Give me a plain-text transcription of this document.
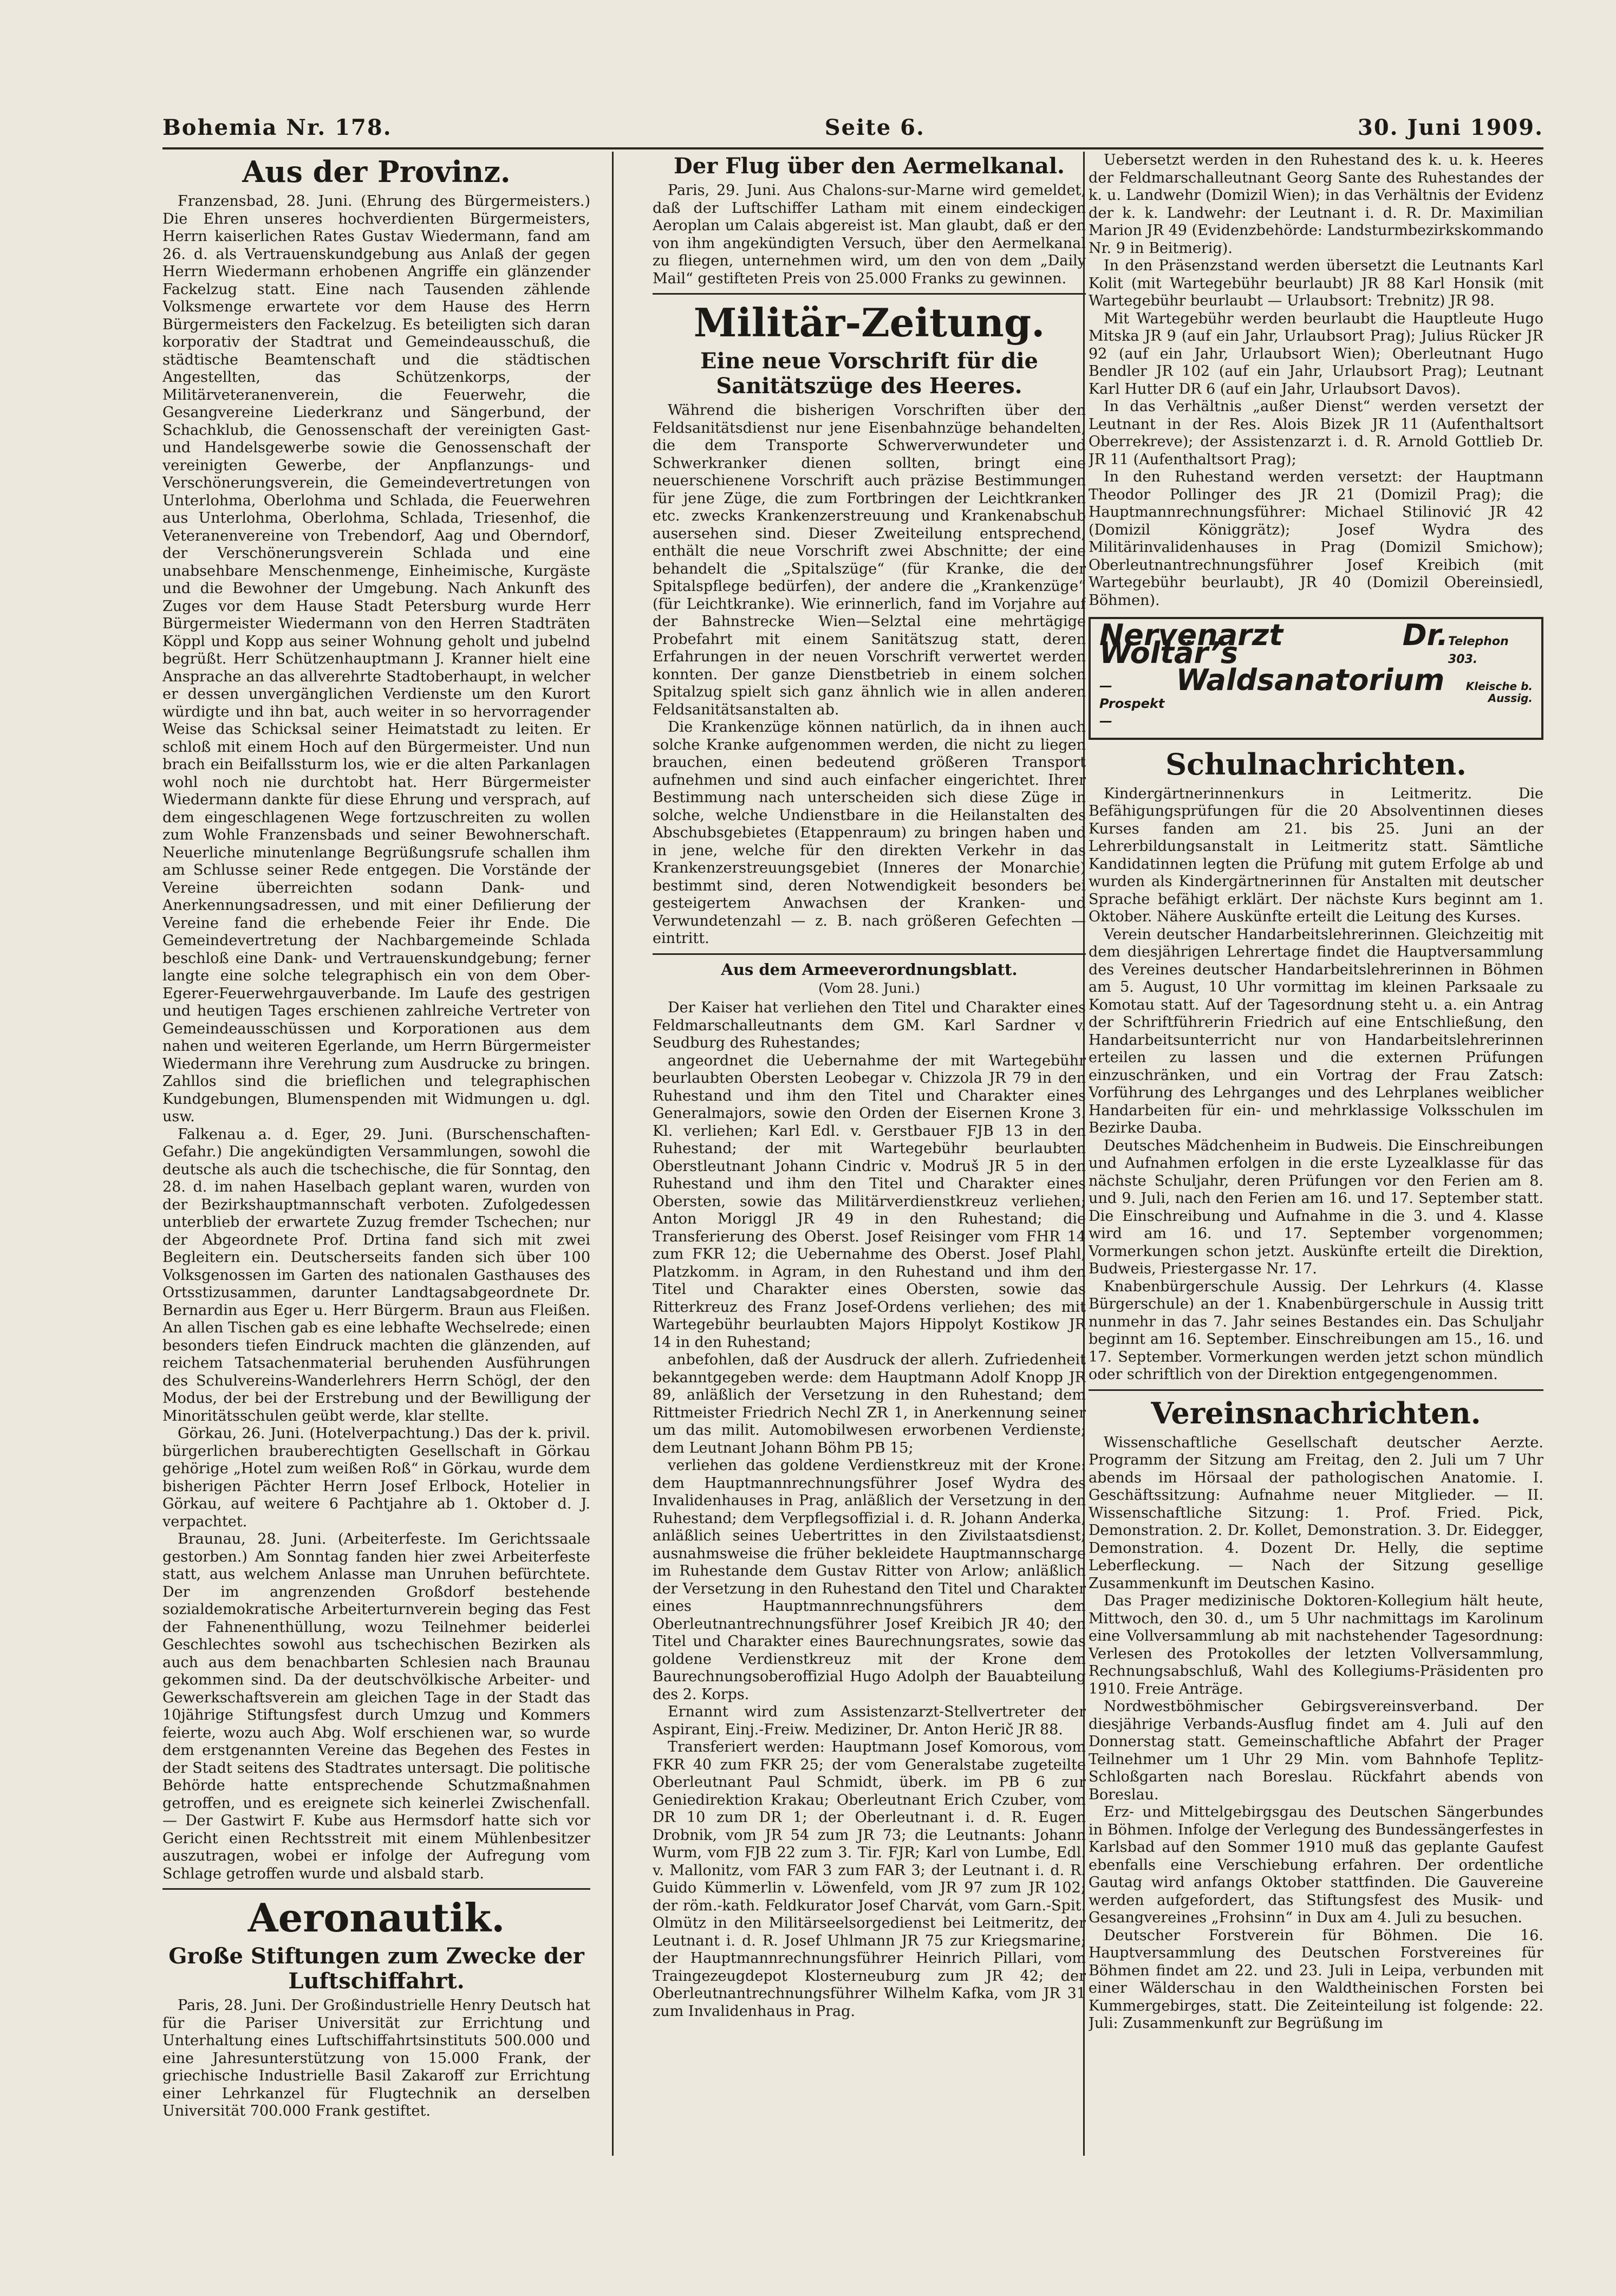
Bohemia Nr. 178.	Seite 6.	30. Juni 1909.
Aus der Provinz.

Franzensbad, 28. Juni. (Ehrung des Bürgermeisters.) Die Ehren unseres hochverdienten Bürgermeisters, Herrn kaiserlichen Rates Gustav Wiedermann, fand am 26. d. als Vertrauenskundgebung aus Anlaß der gegen Herrn Wiedermann erhobenen Angriffe ein glänzender Fackelzug statt. Eine nach Tausenden zählende Volksmenge erwartete vor dem Hause des Herrn Bürgermeisters den Fackelzug. Es beteiligten sich daran korporativ der Stadtrat und Gemeindeausschuß, die städtische Beamtenschaft und die städtischen Angestellten, das Schützenkorps, der Militärveteranenverein, die Feuerwehr, die Gesangvereine Liederkranz und Sängerbund, der Schachklub, die Genossenschaft der vereinigten Gast- und Handelsgewerbe sowie die Genossenschaft der vereinigten Gewerbe, der Anpflanzungs- und Verschönerungsverein, die Gemeindevertretungen von Unterlohma, Oberlohma und Schlada, die Feuerwehren aus Unterlohma, Oberlohma, Schlada, Triesenhof, die Veteranenvereine von Trebendorf, Aag und Oberndorf, der Verschönerungsverein Schlada und eine unabsehbare Menschenmenge, Einheimische, Kurgäste und die Bewohner der Umgebung. Nach Ankunft des Zuges vor dem Hause Stadt Petersburg wurde Herr Bürgermeister Wiedermann von den Herren Stadträten Köppl und Kopp aus seiner Wohnung geholt und jubelnd begrüßt. Herr Schützenhauptmann J. Kranner hielt eine Ansprache an das allverehrte Stadtoberhaupt, in welcher er dessen unvergänglichen Verdienste um den Kurort würdigte und ihn bat, auch weiter in so hervorragender Weise das Schicksal seiner Heimatstadt zu leiten. Er schloß mit einem Hoch auf den Bürgermeister. Und nun brach ein Beifallssturm los, wie er die alten Parkanlagen wohl noch nie durchtobt hat. Herr Bürgermeister Wiedermann dankte für diese Ehrung und versprach, auf dem eingeschlagenen Wege fortzuschreiten zu wollen zum Wohle Franzensbads und seiner Bewohnerschaft. Neuerliche minutenlange Begrüßungsrufe schallen ihm am Schlusse seiner Rede entgegen. Die Vorstände der Vereine überreichten sodann Dank- und Anerkennungsadressen, und mit einer Defilierung der Vereine fand die erhebende Feier ihr Ende. Die Gemeindevertretung der Nachbargemeinde Schlada beschloß eine Dank- und Vertrauenskundgebung; ferner langte eine solche telegraphisch ein von dem Ober-Egerer-Feuerwehrgauverbande. Im Laufe des gestrigen und heutigen Tages erschienen zahlreiche Vertreter von Gemeindeausschüssen und Korporationen aus dem nahen und weiteren Egerlande, um Herrn Bürgermeister Wiedermann ihre Verehrung zum Ausdrucke zu bringen. Zahllos sind die brieflichen und telegraphischen Kundgebungen, Blumenspenden mit Widmungen u. dgl. usw.

Falkenau a. d. Eger, 29. Juni. (Burschenschaften-Gefahr.) Die angekündigten Versammlungen, sowohl die deutsche als auch die tschechische, die für Sonntag, den 28. d. im nahen Haselbach geplant waren, wurden von der Bezirkshauptmannschaft verboten. Zufolgedessen unterblieb der erwartete Zuzug fremder Tschechen; nur der Abgeordnete Prof. Drtina fand sich mit zwei Begleitern ein. Deutscherseits fanden sich über 100 Volksgenossen im Garten des nationalen Gasthauses des Ortsstizusammen, darunter Landtagsabgeordnete Dr. Bernardin aus Eger u. Herr Bürgerm. Braun aus Fleißen. An allen Tischen gab es eine lebhafte Wechselrede; einen besonders tiefen Eindruck machten die glänzenden, auf reichem Tatsachenmaterial beruhenden Ausführungen des Schulvereins-Wanderlehrers Herrn Schögl, der den Modus, der bei der Erstrebung und der Bewilligung der Minoritätsschulen geübt werde, klar stellte.

Görkau, 26. Juni. (Hotelverpachtung.) Das der k. privil. bürgerlichen brauberechtigten Gesellschaft in Görkau gehörige „Hotel zum weißen Roß“ in Görkau, wurde dem bisherigen Pächter Herrn Josef Erlbock, Hotelier in Görkau, auf weitere 6 Pachtjahre ab 1. Oktober d. J. verpachtet.

Braunau, 28. Juni. (Arbeiterfeste. Im Gerichtssaale gestorben.) Am Sonntag fanden hier zwei Arbeiterfeste statt, aus welchem Anlasse man Unruhen befürchtete. Der im angrenzenden Großdorf bestehende sozialdemokratische Arbeiterturnverein beging das Fest der Fahnenenthüllung, wozu Teilnehmer beiderlei Geschlechtes sowohl aus tschechischen Bezirken als auch aus dem benachbarten Schlesien nach Braunau gekommen sind. Da der deutschvölkische Arbeiter- und Gewerkschaftsverein am gleichen Tage in der Stadt das 10jährige Stiftungsfest durch Umzug und Kommers feierte, wozu auch Abg. Wolf erschienen war, so wurde dem erstgenannten Vereine das Begehen des Festes in der Stadt seitens des Stadtrates untersagt. Die politische Behörde hatte entsprechende Schutzmaßnahmen getroffen, und es ereignete sich keinerlei Zwischenfall. — Der Gastwirt F. Kube aus Hermsdorf hatte sich vor Gericht einen Rechtsstreit mit einem Mühlenbesitzer auszutragen, wobei er infolge der Aufregung vom Schlage getroffen wurde und alsbald starb.

Aeronautik.
Große Stiftungen zum Zwecke der Luftschiffahrt.

Paris, 28. Juni. Der Großindustrielle Henry Deutsch hat für die Pariser Universität zur Errichtung und Unterhaltung eines Luftschiffahrtsinstituts 500.000 und eine Jahresunterstützung von 15.000 Frank, der griechische Industrielle Basil Zakaroff zur Errichtung einer Lehrkanzel für Flugtechnik an derselben Universität 700.000 Frank gestiftet.

Der Flug über den Aermelkanal.

Paris, 29. Juni. Aus Chalons-sur-Marne wird gemeldet, daß der Luftschiffer Latham mit einem eindeckigen Aeroplan um Calais abgereist ist. Man glaubt, daß er den von ihm angekündigten Versuch, über den Aermelkanal zu fliegen, unternehmen wird, um den von dem „Daily Mail“ gestifteten Preis von 25.000 Franks zu gewinnen.

Militär-Zeitung.
Eine neue Vorschrift für die Sanitätszüge des Heeres.

Während die bisherigen Vorschriften über den Feldsanitätsdienst nur jene Eisenbahnzüge behandelten, die dem Transporte Schwerverwundeter und Schwerkranker dienen sollten, bringt eine neuerschienene Vorschrift auch präzise Bestimmungen für jene Züge, die zum Fortbringen der Leichtkranken etc. zwecks Krankenzerstreuung und Krankenabschub ausersehen sind. Dieser Zweiteilung entsprechend, enthält die neue Vorschrift zwei Abschnitte; der eine behandelt die „Spitalszüge“ (für Kranke, die der Spitalspflege bedürfen), der andere die „Krankenzüge“ (für Leichtkranke). Wie erinnerlich, fand im Vorjahre auf der Bahnstrecke Wien—Selztal eine mehrtägige Probefahrt mit einem Sanitätszug statt, deren Erfahrungen in der neuen Vorschrift verwertet werden konnten. Der ganze Dienstbetrieb in einem solchen Spitalzug spielt sich ganz ähnlich wie in allen anderen Feldsanitätsanstalten ab.

Die Krankenzüge können natürlich, da in ihnen auch solche Kranke aufgenommen werden, die nicht zu liegen brauchen, einen bedeutend größeren Transport aufnehmen und sind auch einfacher eingerichtet. Ihrer Bestimmung nach unterscheiden sich diese Züge in solche, welche Undienstbare in die Heilanstalten des Abschubsgebietes (Etappenraum) zu bringen haben und in jene, welche für den direkten Verkehr in das Krankenzerstreuungsgebiet (Inneres der Monarchie) bestimmt sind, deren Notwendigkeit besonders bei gesteigertem Anwachsen der Kranken- und Verwundetenzahl — z. B. nach größeren Gefechten — eintritt.

Aus dem Armeeverordnungsblatt.
(Vom 28. Juni.)

Der Kaiser hat verliehen den Titel und Charakter eines Feldmarschalleutnants dem GM. Karl Sardner v. Seudburg des Ruhestandes;

angeordnet die Uebernahme der mit Wartegebühr beurlaubten Obersten Leobegar v. Chizzola JR 79 in den Ruhestand und ihm den Titel und Charakter eines Generalmajors, sowie den Orden der Eisernen Krone 3. Kl. verliehen; Karl Edl. v. Gerstbauer FJB 13 in den Ruhestand; der mit Wartegebühr beurlaubten Oberstleutnant Johann Cindric v. Modruš JR 5 in den Ruhestand und ihm den Titel und Charakter eines Obersten, sowie das Militärverdienstkreuz verliehen; Anton Moriggl JR 49 in den Ruhestand; die Transferierung des Oberst. Josef Reisinger vom FHR 14 zum FKR 12; die Uebernahme des Oberst. Josef Plahl, Platzkomm. in Agram, in den Ruhestand und ihm den Titel und Charakter eines Obersten, sowie das Ritterkreuz des Franz Josef-Ordens verliehen; des mit Wartegebühr beurlaubten Majors Hippolyt Kostikow JR 14 in den Ruhestand;

anbefohlen, daß der Ausdruck der allerh. Zufriedenheit bekanntgegeben werde: dem Hauptmann Adolf Knopp JR 89, anläßlich der Versetzung in den Ruhestand; dem Rittmeister Friedrich Nechl ZR 1, in Anerkennung seiner um das milit. Automobilwesen erworbenen Verdienste; dem Leutnant Johann Böhm PB 15;

verliehen das goldene Verdienstkreuz mit der Krone: dem Hauptmannrechnungsführer Josef Wydra des Invalidenhauses in Prag, anläßlich der Versetzung in den Ruhestand; dem Verpflegsoffizial i. d. R. Johann Anderka, anläßlich seines Uebertrittes in den Zivilstaatsdienst; ausnahmsweise die früher bekleidete Hauptmannscharge im Ruhestande dem Gustav Ritter von Arlow; anläßlich der Versetzung in den Ruhestand den Titel und Charakter eines Hauptmannrechnungsführers dem Oberleutnantrechnungsführer Josef Kreibich JR 40; den Titel und Charakter eines Baurechnungsrates, sowie das goldene Verdienstkreuz mit der Krone dem Baurechnungsoberoffizial Hugo Adolph der Bauabteilung des 2. Korps.

Ernannt wird zum Assistenzarzt-Stellvertreter der Aspirant, Einj.-Freiw. Mediziner, Dr. Anton Herič JR 88.

Transferiert werden: Hauptmann Josef Komorous, vom FKR 40 zum FKR 25; der vom Generalstabe zugeteilte Oberleutnant Paul Schmidt, überk. im PB 6 zur Geniedirektion Krakau; Oberleutnant Erich Czuber, vom DR 10 zum DR 1; der Oberleutnant i. d. R. Eugen Drobnik, vom JR 54 zum JR 73; die Leutnants: Johann Wurm, vom FJB 22 zum 3. Tir. FJR; Karl von Lumbe, Edl. v. Mallonitz, vom FAR 3 zum FAR 3; der Leutnant i. d. R. Guido Kümmerlin v. Löwenfeld, vom JR 97 zum JR 102; der röm.-kath. Feldkurator Josef Charvát, vom Garn.-Spit. Olmütz in den Militärseelsorgedienst bei Leitmeritz, der Leutnant i. d. R. Josef Uhlmann JR 75 zur Kriegsmarine; der Hauptmannrechnungsführer Heinrich Pillari, vom Traingezeugdepot Klosterneuburg zum JR 42; der Oberleutnantrechnungsführer Wilhelm Kafka, vom JR 31 zum Invalidenhaus in Prag.

Uebersetzt werden in den Ruhestand des k. u. k. Heeres der Feldmarschalleutnant Georg Sante des Ruhestandes der k. u. Landwehr (Domizil Wien); in das Verhältnis der Evidenz der k. k. Landwehr: der Leutnant i. d. R. Dr. Maximilian Marion JR 49 (Evidenzbehörde: Landsturmbezirkskommando Nr. 9 in Beitmerig).

In den Präsenzstand werden übersetzt die Leutnants Karl Kolit (mit Wartegebühr beurlaubt) JR 88 Karl Honsik (mit Wartegebühr beurlaubt — Urlaubsort: Trebnitz) JR 98.

Mit Wartegebühr werden beurlaubt die Hauptleute Hugo Mitska JR 9 (auf ein Jahr, Urlaubsort Prag); Julius Rücker JR 92 (auf ein Jahr, Urlaubsort Wien); Oberleutnant Hugo Bendler JR 102 (auf ein Jahr, Urlaubsort Prag); Leutnant Karl Hutter DR 6 (auf ein Jahr, Urlaubsort Davos).

In das Verhältnis „außer Dienst“ werden versetzt der Leutnant in der Res. Alois Bizek JR 11 (Aufenthaltsort Oberrekreve); der Assistenzarzt i. d. R. Arnold Gottlieb Dr. JR 11 (Aufenthaltsort Prag);

In den Ruhestand werden versetzt: der Hauptmann Theodor Pollinger des JR 21 (Domizil Prag); die Hauptmannrechnungsführer: Michael Stilinović JR 42 (Domizil Königgrätz); Josef Wydra des Militärinvalidenhauses in Prag (Domizil Smichow); Oberleutnantrechnungsführer Josef Kreibich (mit Wartegebühr beurlaubt), JR 40 (Domizil Obereinsiedl, Böhmen).

Nervenarzt Dr. Woltär’s	Telephon 303.
— Prospekt —
Waldsanatorium	Kleische b. Aussig.
Schulnachrichten.

Kindergärtnerinnenkurs in Leitmeritz. Die Befähigungsprüfungen für die 20 Absolventinnen dieses Kurses fanden am 21. bis 25. Juni an der Lehrerbildungsanstalt in Leitmeritz statt. Sämtliche Kandidatinnen legten die Prüfung mit gutem Erfolge ab und wurden als Kindergärtnerinnen für Anstalten mit deutscher Sprache befähigt erklärt. Der nächste Kurs beginnt am 1. Oktober. Nähere Auskünfte erteilt die Leitung des Kurses.

Verein deutscher Handarbeitslehrerinnen. Gleichzeitig mit dem diesjährigen Lehrertage findet die Hauptversammlung des Vereines deutscher Handarbeitslehrerinnen in Böhmen am 5. August, 10 Uhr vormittag im kleinen Parksaale zu Komotau statt. Auf der Tagesordnung steht u. a. ein Antrag der Schriftführerin Friedrich auf eine Entschließung, den Handarbeitsunterricht nur von Handarbeitslehrerinnen erteilen zu lassen und die externen Prüfungen einzuschränken, und ein Vortrag der Frau Zatsch: Vorführung des Lehrganges und des Lehrplanes weiblicher Handarbeiten für ein- und mehrklassige Volksschulen im Bezirke Dauba.

Deutsches Mädchenheim in Budweis. Die Einschreibungen und Aufnahmen erfolgen in die erste Lyzealklasse für das nächste Schuljahr, deren Prüfungen vor den Ferien am 8. und 9. Juli, nach den Ferien am 16. und 17. September statt. Die Einschreibung und Aufnahme in die 3. und 4. Klasse wird am 16. und 17. September vorgenommen; Vormerkungen schon jetzt. Auskünfte erteilt die Direktion, Budweis, Priestergasse Nr. 17.

Knabenbürgerschule Aussig. Der Lehrkurs (4. Klasse Bürgerschule) an der 1. Knabenbürgerschule in Aussig tritt nunmehr in das 7. Jahr seines Bestandes ein. Das Schuljahr beginnt am 16. September. Einschreibungen am 15., 16. und 17. September. Vormerkungen werden jetzt schon mündlich oder schriftlich von der Direktion entgegengenommen.

Vereinsnachrichten.

Wissenschaftliche Gesellschaft deutscher Aerzte. Programm der Sitzung am Freitag, den 2. Juli um 7 Uhr abends im Hörsaal der pathologischen Anatomie. I. Geschäftssitzung: Aufnahme neuer Mitglieder. — II. Wissenschaftliche Sitzung: 1. Prof. Fried. Pick, Demonstration. 2. Dr. Kollet, Demonstration. 3. Dr. Eidegger, Demonstration. 4. Dozent Dr. Helly, die septime Leberfleckung. — Nach der Sitzung gesellige Zusammenkunft im Deutschen Kasino.

Das Prager medizinische Doktoren-Kollegium hält heute, Mittwoch, den 30. d., um 5 Uhr nachmittags im Karolinum eine Vollversammlung ab mit nachstehender Tagesordnung: Verlesen des Protokolles der letzten Vollversammlung, Rechnungsabschluß, Wahl des Kollegiums-Präsidenten pro 1910. Freie Anträge.

Nordwestböhmischer Gebirgsvereinsverband. Der diesjährige Verbands-Ausflug findet am 4. Juli auf den Donnerstag statt. Gemeinschaftliche Abfahrt der Prager Teilnehmer um 1 Uhr 29 Min. vom Bahnhofe Teplitz-Schloßgarten nach Boreslau. Rückfahrt abends von Boreslau.

Erz- und Mittelgebirgsgau des Deutschen Sängerbundes in Böhmen. Infolge der Verlegung des Bundessängerfestes in Karlsbad auf den Sommer 1910 muß das geplante Gaufest ebenfalls eine Verschiebung erfahren. Der ordentliche Gautag wird anfangs Oktober stattfinden. Die Gauvereine werden aufgefordert, das Stiftungsfest des Musik- und Gesangvereines „Frohsinn“ in Dux am 4. Juli zu besuchen.

Deutscher Forstverein für Böhmen. Die 16. Hauptversammlung des Deutschen Forstvereines für Böhmen findet am 22. und 23. Juli in Leipa, verbunden mit einer Wälderschau in den Waldtheinischen Forsten bei Kummergebirges, statt. Die Zeiteinteilung ist folgende: 22. Juli: Zusammenkunft zur Begrüßung im
